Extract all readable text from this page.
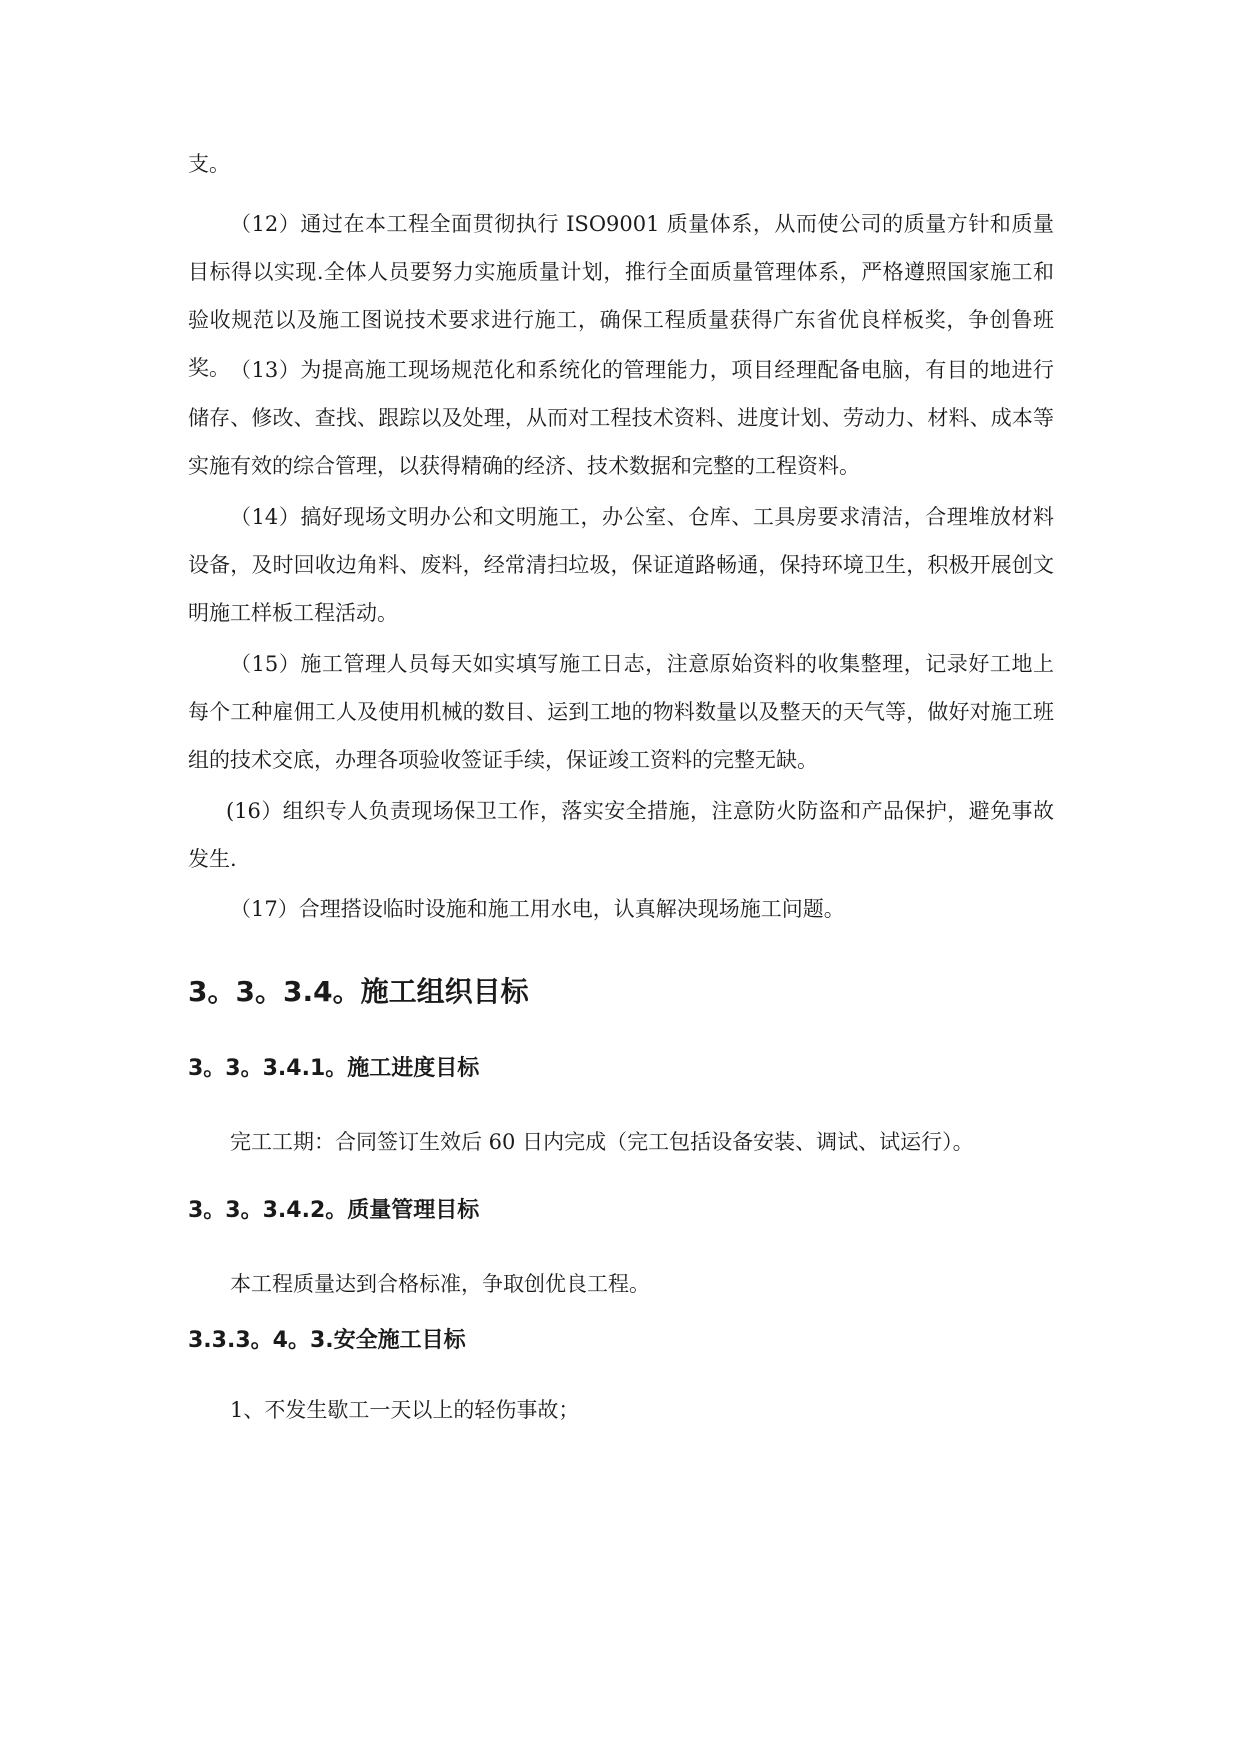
支。

（12）通过在本工程全面贯彻执行 ISO9001 质量体系，从而使公司的质量方针和质量目标得以实现.全体人员要努力实施质量计划，推行全面质量管理体系，严格遵照国家施工和验收规范以及施工图说技术要求进行施工，确保工程质量获得广东省优良样板奖，争创鲁班奖。 （13）为提高施工现场规范化和系统化的管理能力，项目经理配备电脑，有目的地进行储存、修改、查找、跟踪以及处理，从而对工程技术资料、进度计划、劳动力、材料、成本等实施有效的综合管理，以获得精确的经济、技术数据和完整的工程资料。

（14）搞好现场文明办公和文明施工，办公室、仓库、工具房要求清洁，合理堆放材料设备，及时回收边角料、废料，经常清扫垃圾，保证道路畅通，保持环境卫生，积极开展创文明施工样板工程活动。

（15）施工管理人员每天如实填写施工日志，注意原始资料的收集整理，记录好工地上每个工种雇佣工人及使用机械的数目、运到工地的物料数量以及整天的天气等，做好对施工班组的技术交底，办理各项验收签证手续，保证竣工资料的完整无缺。

(16）组织专人负责现场保卫工作，落实安全措施，注意防火防盗和产品保护，避免事故发生.

（17）合理搭设临时设施和施工用水电，认真解决现场施工问题。

3。3。3.4。施工组织目标
3。3。3.4.1。施工进度目标

完工工期：合同签订生效后 60 日内完成（完工包括设备安装、调试、试运行）。

3。3。3.4.2。质量管理目标

本工程质量达到合格标准，争取创优良工程。

3.3.3。4。3.安全施工目标

1、不发生歇工一天以上的轻伤事故；
